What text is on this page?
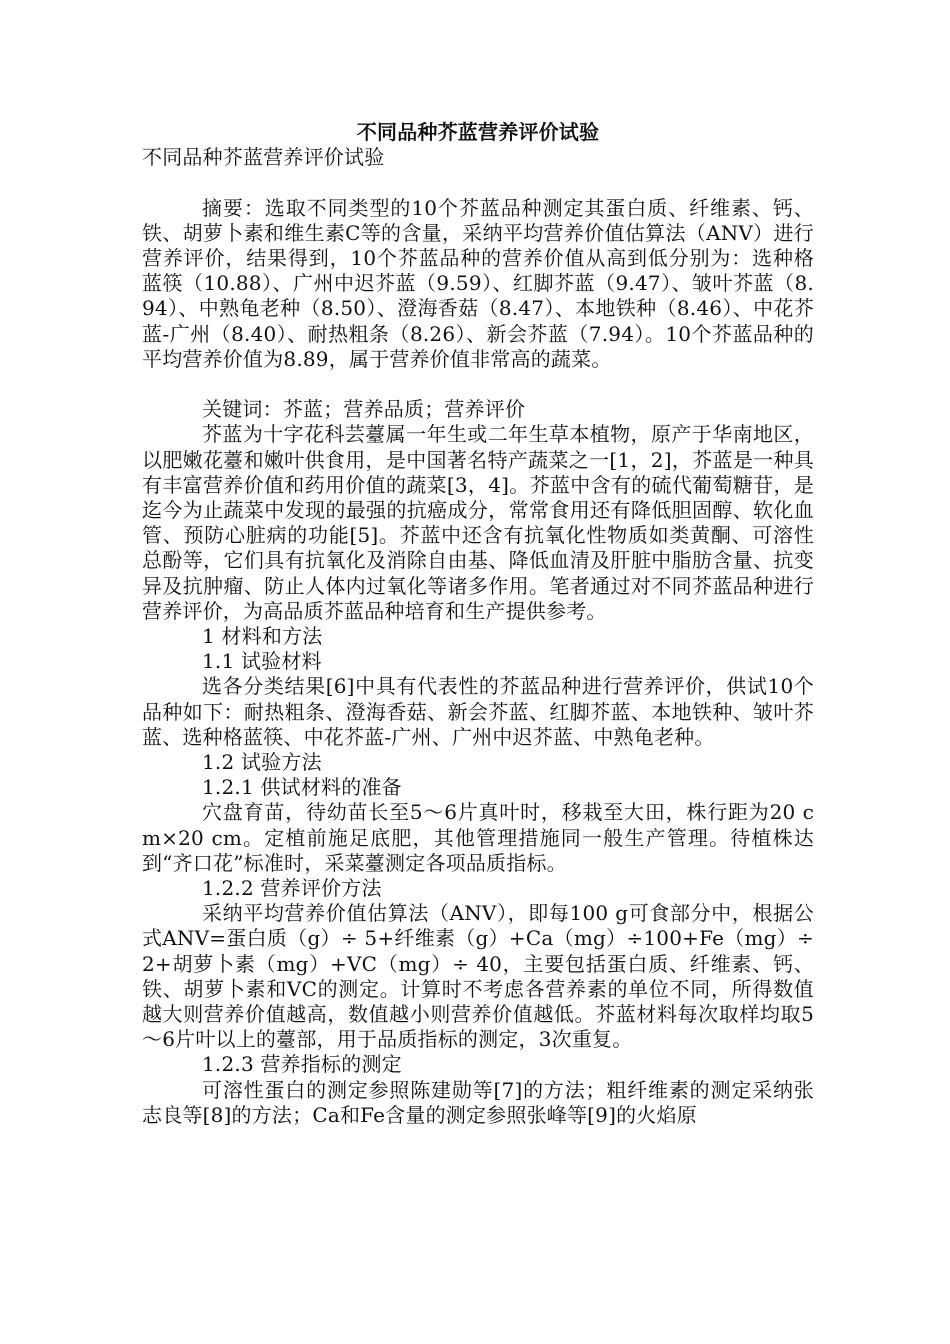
不同品种芥蓝营养评价试验

不同品种芥蓝营养评价试验

摘要：选取不同类型的10个芥蓝品种测定其蛋白质、纤维素、钙、铁、胡萝卜素和维生素C等的含量，采纳平均营养价值估算法（ANV）进行营养评价，结果得到，10个芥蓝品种的营养价值从高到低分别为：选种格蓝筷（10.88）、广州中迟芥蓝（9.59）、红脚芥蓝（9.47）、皱叶芥蓝（8.94）、中熟龟老种（8.50）、澄海香菇（8.47）、本地铁种（8.46）、中花芥蓝-广州（8.40）、耐热粗条（8.26）、新会芥蓝（7.94）。10个芥蓝品种的平均营养价值为8.89，属于营养价值非常高的蔬菜。

关键词：芥蓝；营养品质；营养评价

芥蓝为十字花科芸薹属一年生或二年生草本植物，原产于华南地区，以肥嫩花薹和嫩叶供食用，是中国著名特产蔬菜之一[1，2]，芥蓝是一种具有丰富营养价值和药用价值的蔬菜[3，4]。芥蓝中含有的硫代葡萄糖苷，是迄今为止蔬菜中发现的最强的抗癌成分，常常食用还有降低胆固醇、软化血管、预防心脏病的功能[5]。芥蓝中还含有抗氧化性物质如类黄酮、可溶性总酚等，它们具有抗氧化及消除自由基、降低血清及肝脏中脂肪含量、抗变异及抗肿瘤、防止人体内过氧化等诸多作用。笔者通过对不同芥蓝品种进行营养评价，为高品质芥蓝品种培育和生产提供参考。

1 材料和方法

1.1 试验材料

选各分类结果[6]中具有代表性的芥蓝品种进行营养评价，供试10个品种如下：耐热粗条、澄海香菇、新会芥蓝、红脚芥蓝、本地铁种、皱叶芥蓝、选种格蓝筷、中花芥蓝-广州、广州中迟芥蓝、中熟龟老种。

1.2 试验方法

1.2.1 供试材料的准备

穴盘育苗，待幼苗长至5～6片真叶时，移栽至大田，株行距为20 cm×20 cm。定植前施足底肥，其他管理措施同一般生产管理。待植株达到“齐口花”标准时，采菜薹测定各项品质指标。

1.2.2 营养评价方法

采纳平均营养价值估算法（ANV），即每100 g可食部分中，根据公式ANV=蛋白质（g）÷ 5+纤维素（g）+Ca（mg）÷100+Fe（mg）÷ 2+胡萝卜素（mg）+VC（mg）÷ 40，主要包括蛋白质、纤维素、钙、铁、胡萝卜素和VC的测定。计算时不考虑各营养素的单位不同，所得数值越大则营养价值越高，数值越小则营养价值越低。芥蓝材料每次取样均取5～6片叶以上的薹部，用于品质指标的测定，3次重复。

1.2.3 营养指标的测定

可溶性蛋白的测定参照陈建勋等[7]的方法；粗纤维素的测定采纳张志良等[8]的方法；Ca和Fe含量的测定参照张峰等[9]的火焰原
